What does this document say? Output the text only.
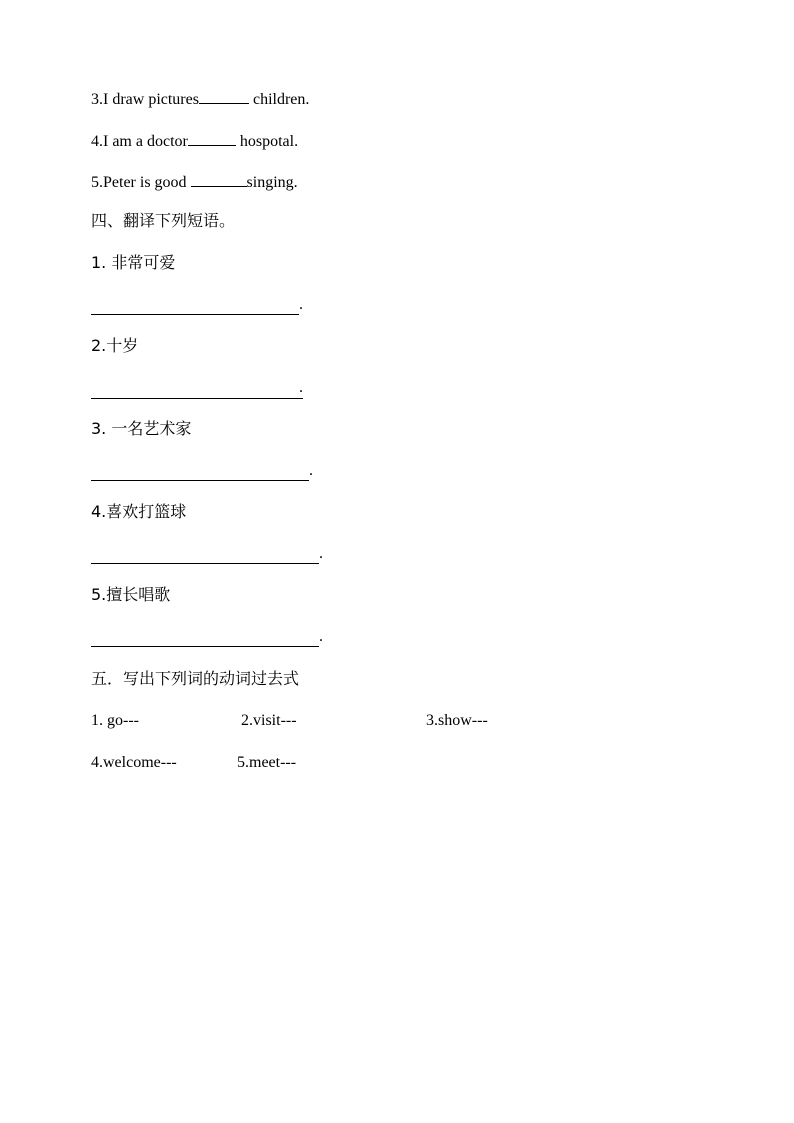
3.I draw pictures	children.
4.I am a doctor	hospotal.
5.Peter is good	singing.
四、翻译下列短语。
1. 非常可爱
.
2.十岁
.
3. 一名艺术家
.
4.喜欢打篮球
.
5.擅长唱歌
.
五．写出下列词的动词过去式
1. go---	2.visit---	3.show---
4.welcome---	5.meet---
